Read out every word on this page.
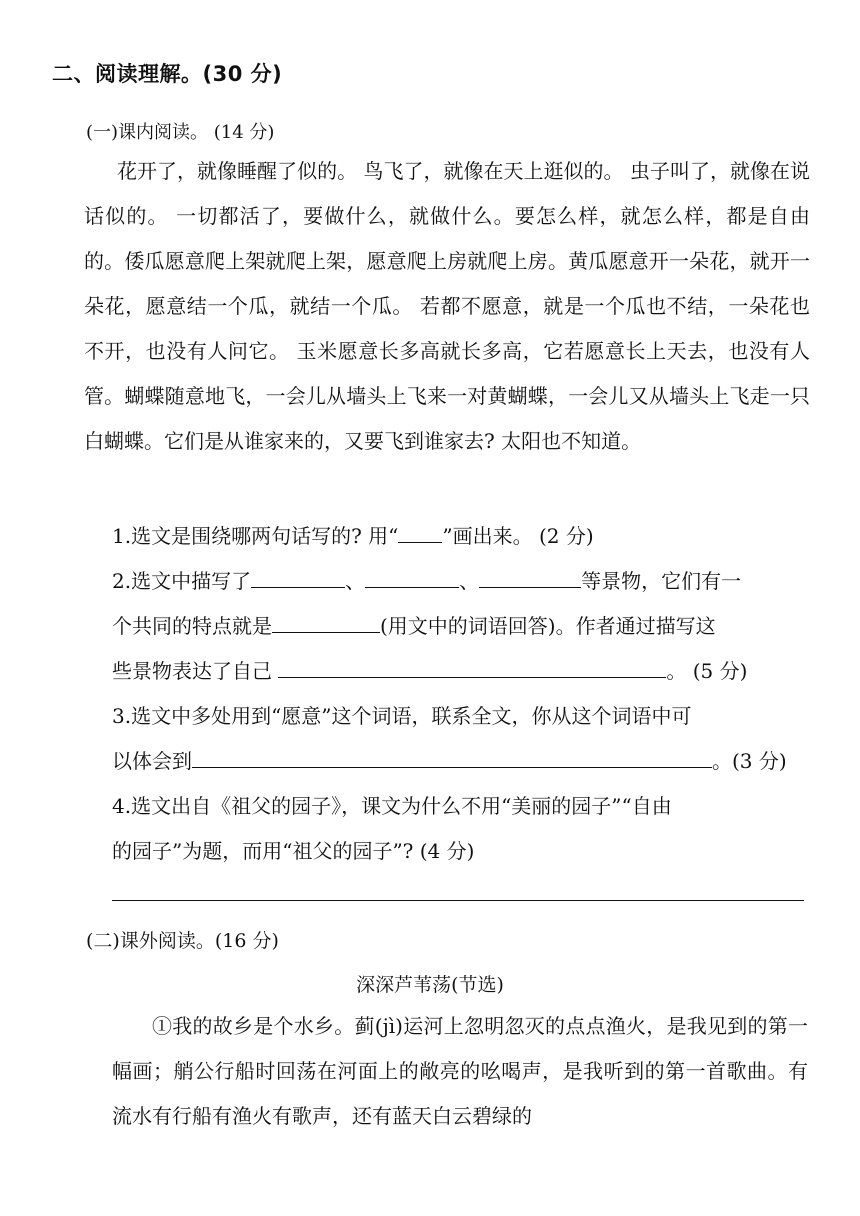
二、阅读理解。(30 分)
(一)课内阅读。 (14 分)

花开了，就像睡醒了似的。 鸟飞了，就像在天上逛似的。 虫子叫了，就像在说话似的。 一切都活了，要做什么，就做什么。要怎么样，就怎么样，都是自由的。倭瓜愿意爬上架就爬上架，愿意爬上房就爬上房。黄瓜愿意开一朵花，就开一朵花，愿意结一个瓜，就结一个瓜。 若都不愿意，就是一个瓜也不结，一朵花也不开，也没有人问它。 玉米愿意长多高就长多高，它若愿意长上天去，也没有人管。蝴蝶随意地飞，一会儿从墙头上飞来一对黄蝴蝶，一会儿又从墙头上飞走一只白蝴蝶。它们是从谁家来的，又要飞到谁家去? 太阳也不知道。

1.选文是围绕哪两句话写的? 用“ ”画出来。 (2 分)
2.选文中描写了	、	、	等景物，它们有一
个共同的特点就是	(用文中的词语回答)。作者通过描写这
些景物表达了自己	。 (5 分)
3.选文中多处用到“愿意”这个词语，联系全文，你从这个词语中可
以体会到	。(3 分)
4.选文出自《祖父的园子》，课文为什么不用“美丽的园子”“自由
的园子”为题，而用“祖父的园子”? (4 分)
(二)课外阅读。(16 分)
深深芦苇荡(节选)

①我的故乡是个水乡。蓟(jì)运河上忽明忽灭的点点渔火，是我见到的第一幅画；艄公行船时回荡在河面上的敞亮的吆喝声，是我听到的第一首歌曲。有流水有行船有渔火有歌声，还有蓝天白云碧绿的
